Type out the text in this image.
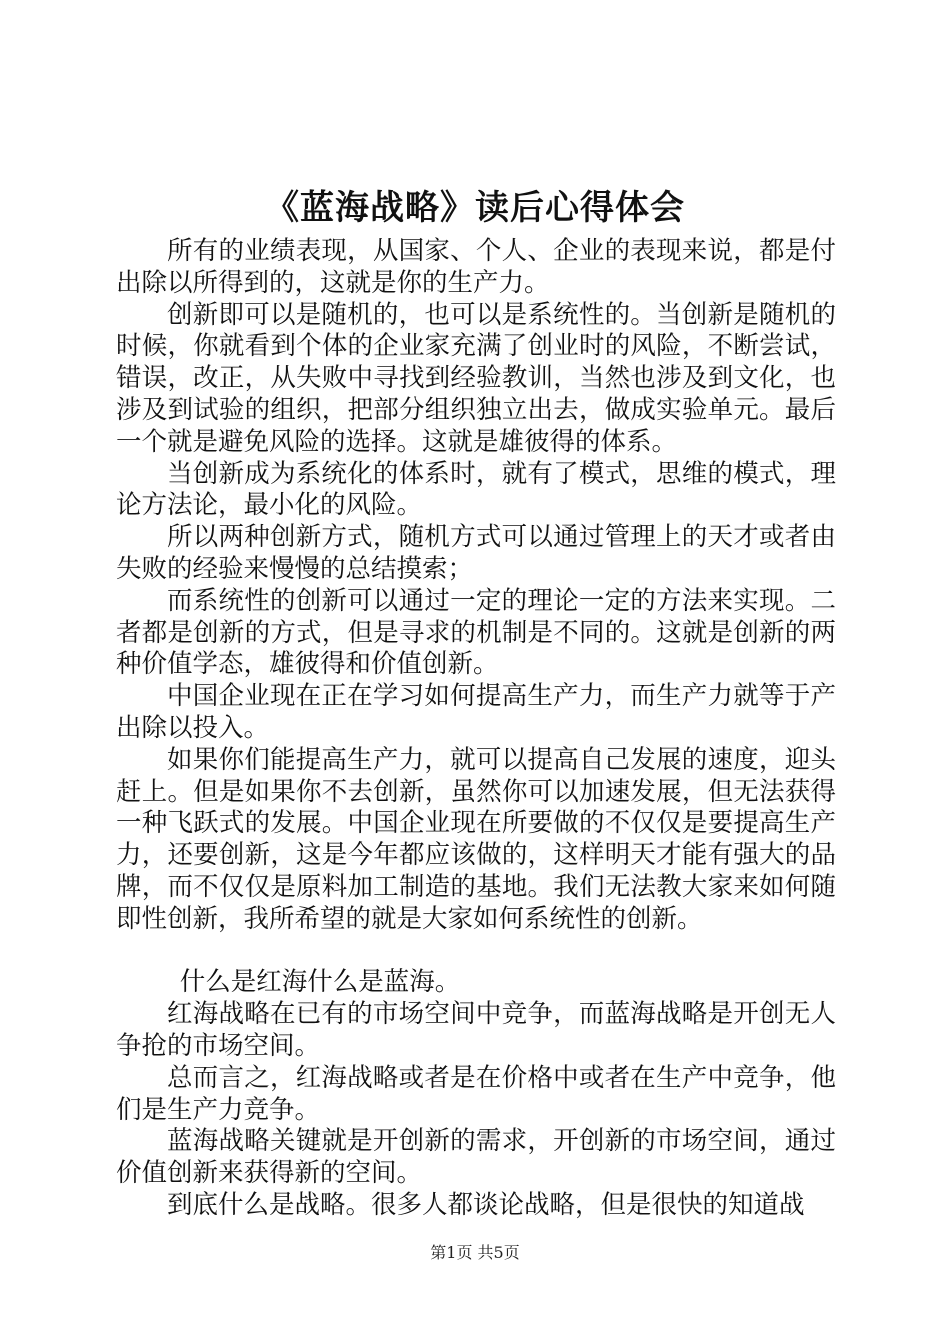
《蓝海战略》读后心得体会

所有的业绩表现，从国家、个人、企业的表现来说，都是付出除以所得到的，这就是你的生产力。

创新即可以是随机的，也可以是系统性的。当创新是随机的时候，你就看到个体的企业家充满了创业时的风险，不断尝试，错误，改正，从失败中寻找到经验教训，当然也涉及到文化，也涉及到试验的组织，把部分组织独立出去，做成实验单元。最后一个就是避免风险的选择。这就是雄彼得的体系。

当创新成为系统化的体系时，就有了模式，思维的模式，理论方法论，最小化的风险。

所以两种创新方式，随机方式可以通过管理上的天才或者由失败的经验来慢慢的总结摸索；

而系统性的创新可以通过一定的理论一定的方法来实现。二者都是创新的方式，但是寻求的机制是不同的。这就是创新的两种价值学态，雄彼得和价值创新。

中国企业现在正在学习如何提高生产力，而生产力就等于产出除以投入。

如果你们能提高生产力，就可以提高自己发展的速度，迎头赶上。但是如果你不去创新，虽然你可以加速发展，但无法获得一种飞跃式的发展。中国企业现在所要做的不仅仅是要提高生产力，还要创新，这是今年都应该做的，这样明天才能有强大的品牌，而不仅仅是原料加工制造的基地。我们无法教大家来如何随即性创新，我所希望的就是大家如何系统性的创新。

什么是红海什么是蓝海。

红海战略在已有的市场空间中竞争，而蓝海战略是开创无人争抢的市场空间。

总而言之，红海战略或者是在价格中或者在生产中竞争，他们是生产力竞争。

蓝海战略关键就是开创新的需求，开创新的市场空间，通过价值创新来获得新的空间。

到底什么是战略。很多人都谈论战略，但是很快的知道战

第1页 共5页
